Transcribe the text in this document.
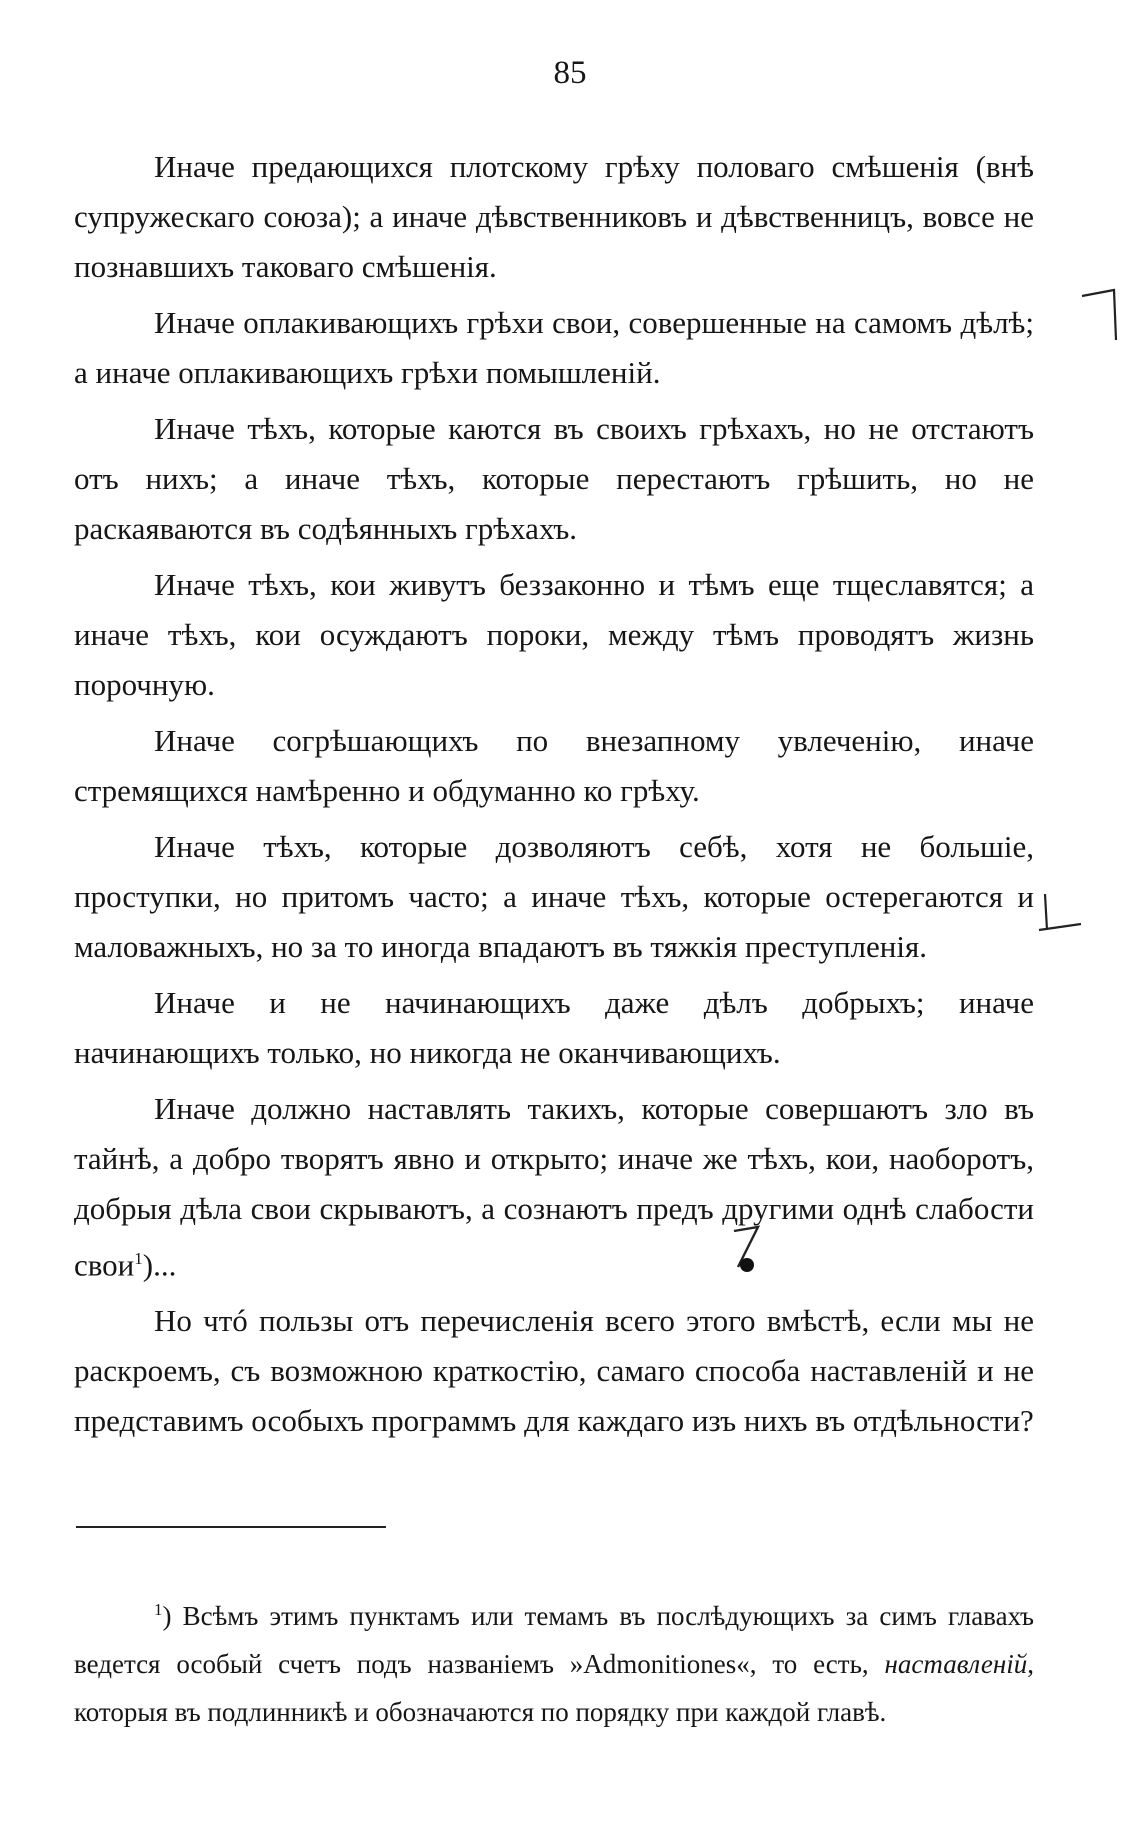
85

Иначе предающихся плотскому грѣху половаго смѣшенія (внѣ супружескаго союза); а иначе дѣвственниковъ и дѣвственницъ, вовсе не познавшихъ таковаго смѣшенія.

Иначе оплакивающихъ грѣхи свои, совершенные на самомъ дѣлѣ; а иначе оплакивающихъ грѣхи помышленій.

Иначе тѣхъ, которые каются въ своихъ грѣхахъ, но не отстаютъ отъ нихъ; а иначе тѣхъ, которые перестаютъ грѣшить, но не раскаяваются въ содѣянныхъ грѣхахъ.

Иначе тѣхъ, кои живутъ беззаконно и тѣмъ еще тщеславятся; а иначе тѣхъ, кои осуждаютъ пороки, между тѣмъ проводятъ жизнь порочную.

Иначе согрѣшающихъ по внезапному увлеченію, иначе стремящихся намѣренно и обдуманно ко грѣху.

Иначе тѣхъ, которые дозволяютъ себѣ, хотя не большіе, проступки, но притомъ часто; а иначе тѣхъ, которые остерегаются и маловажныхъ, но за то иногда впадаютъ въ тяжкія преступленія.

Иначе и не начинающихъ даже дѣлъ добрыхъ; иначе начинающихъ только, но никогда не оканчивающихъ.

Иначе должно наставлять такихъ, которые совершаютъ зло въ тайнѣ, а добро творятъ явно и открыто; иначе же тѣхъ, кои, наоборотъ, добрыя дѣла свои скрываютъ, а сознаютъ предъ другими однѣ слабости свои$^1$)...

Но чтó пользы отъ перечисленія всего этого вмѣстѣ, если мы не раскроемъ, съ возможною краткостію, самаго способа наставленій и не представимъ особыхъ программъ для каждаго изъ нихъ въ отдѣльности?

$^1$) Всѣмъ этимъ пунктамъ или темамъ въ послѣдующихъ за симъ главахъ ведется особый счетъ подъ названіемъ »Admonitiones«, то есть, наставленій, которыя въ подлинникѣ и обозначаются по порядку при каждой главѣ.
